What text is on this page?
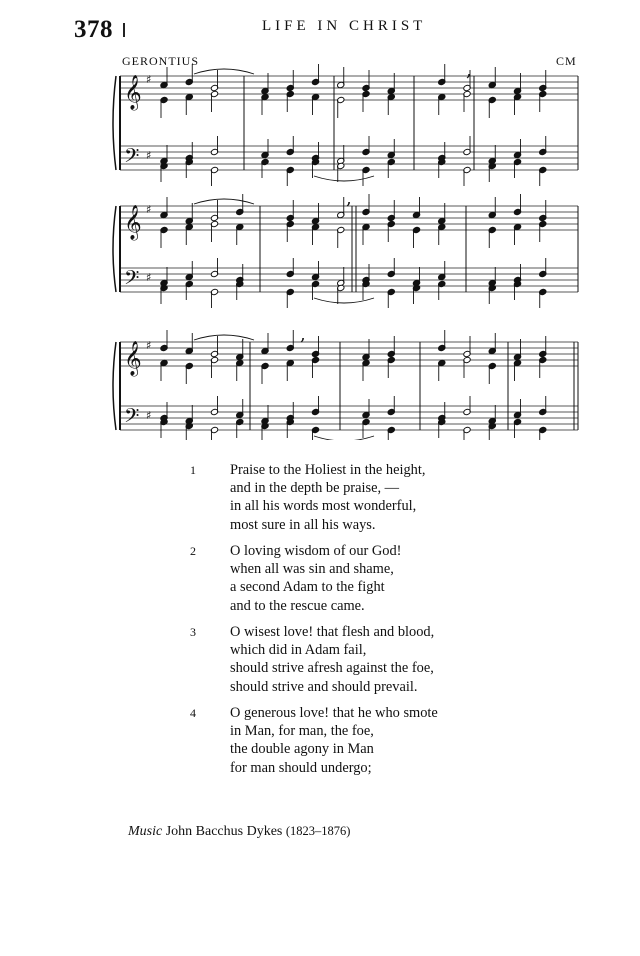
378	LIFE IN CHRIST
GERONTIUS	CM
𝄞 ♯
𝄢 ♯
𝄞 ♯
𝄢 ♯
𝄞 ♯
𝄢 ♯
,
,
,
1 Praise to the Holiest in the height,
and in the depth be praise, —
in all his words most wonderful,
most sure in all his ways.
2 O loving wisdom of our God!
when all was sin and shame,
a second Adam to the fight
and to the rescue came.
3 O wisest love! that flesh and blood,
which did in Adam fail,
should strive afresh against the foe,
should strive and should prevail.
4 O generous love! that he who smote
in Man, for man, the foe,
the double agony in Man
for man should undergo;
Music John Bacchus Dykes (1823–1876)
